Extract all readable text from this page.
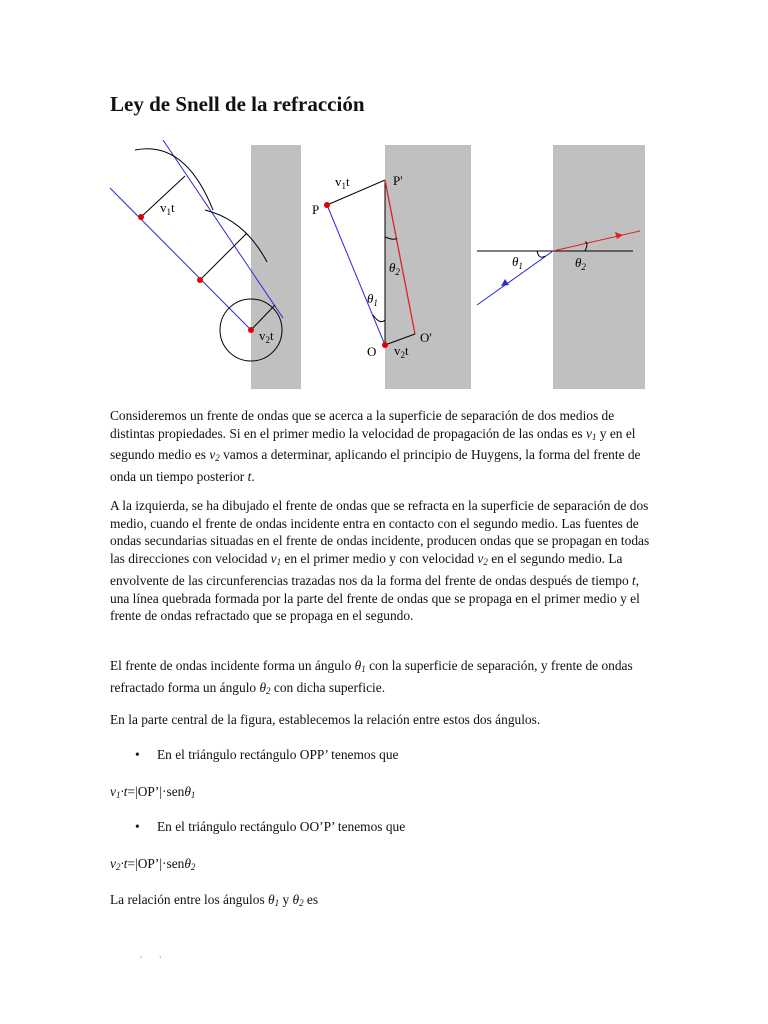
Ley de Snell de la refracción
$v_1t$
$v_2t$
P
P'
O
O'
$v_1t$
$v_2t$
$\theta_2$
$\theta_1$
$\theta_1$	$\theta_2$

Consideremos un frente de ondas que se acerca a la superficie de separación de dos medios de distintas propiedades. Si en el primer medio la velocidad de propagación de las ondas es $v_1$ y en el segundo medio es $v_2$ vamos a determinar, aplicando el principio de Huygens, la forma del frente de onda un tiempo posterior t.

A la izquierda, se ha dibujado el frente de ondas que se refracta en la superficie de separación de dos medio, cuando el frente de ondas incidente entra en contacto con el segundo medio. Las fuentes de ondas secundarias situadas en el frente de ondas incidente, producen ondas que se propagan en todas las direcciones con velocidad $v_1$ en el primer medio y con velocidad $v_2$ en el segundo medio. La envolvente de las circunferencias trazadas nos da la forma del frente de ondas después de tiempo t, una línea quebrada formada por la parte del frente de ondas que se propaga en el primer medio y el frente de ondas refractado que se propaga en el segundo.

El frente de ondas incidente forma un ángulo $\theta_1$ con la superficie de separación, y frente de ondas refractado forma un ángulo $\theta_2$ con dicha superficie.

En la parte central de la figura, establecemos la relación entre estos dos ángulos.

• En el triángulo rectángulo OPP’ tenemos que

$v_1\cdot t=|OP’|\cdot sen\theta_1$

• En el triángulo rectángulo OO’P’ tenemos que

$v_2\cdot t=|OP’|\cdot sen\theta_2$

La relación entre los ángulos $\theta_1$ y $\theta_2$ es

'       '
